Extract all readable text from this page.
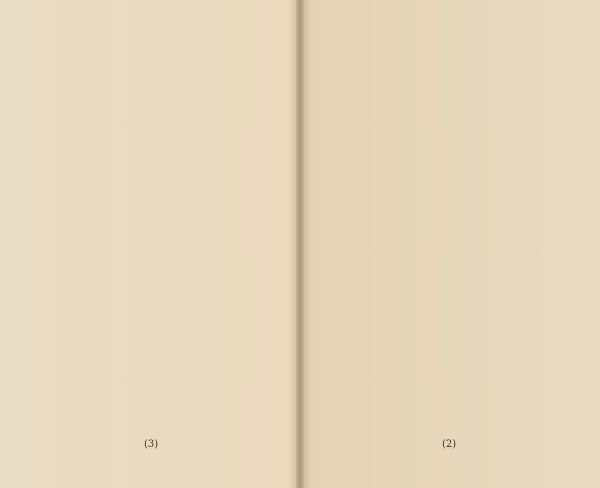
(3)	(2)
